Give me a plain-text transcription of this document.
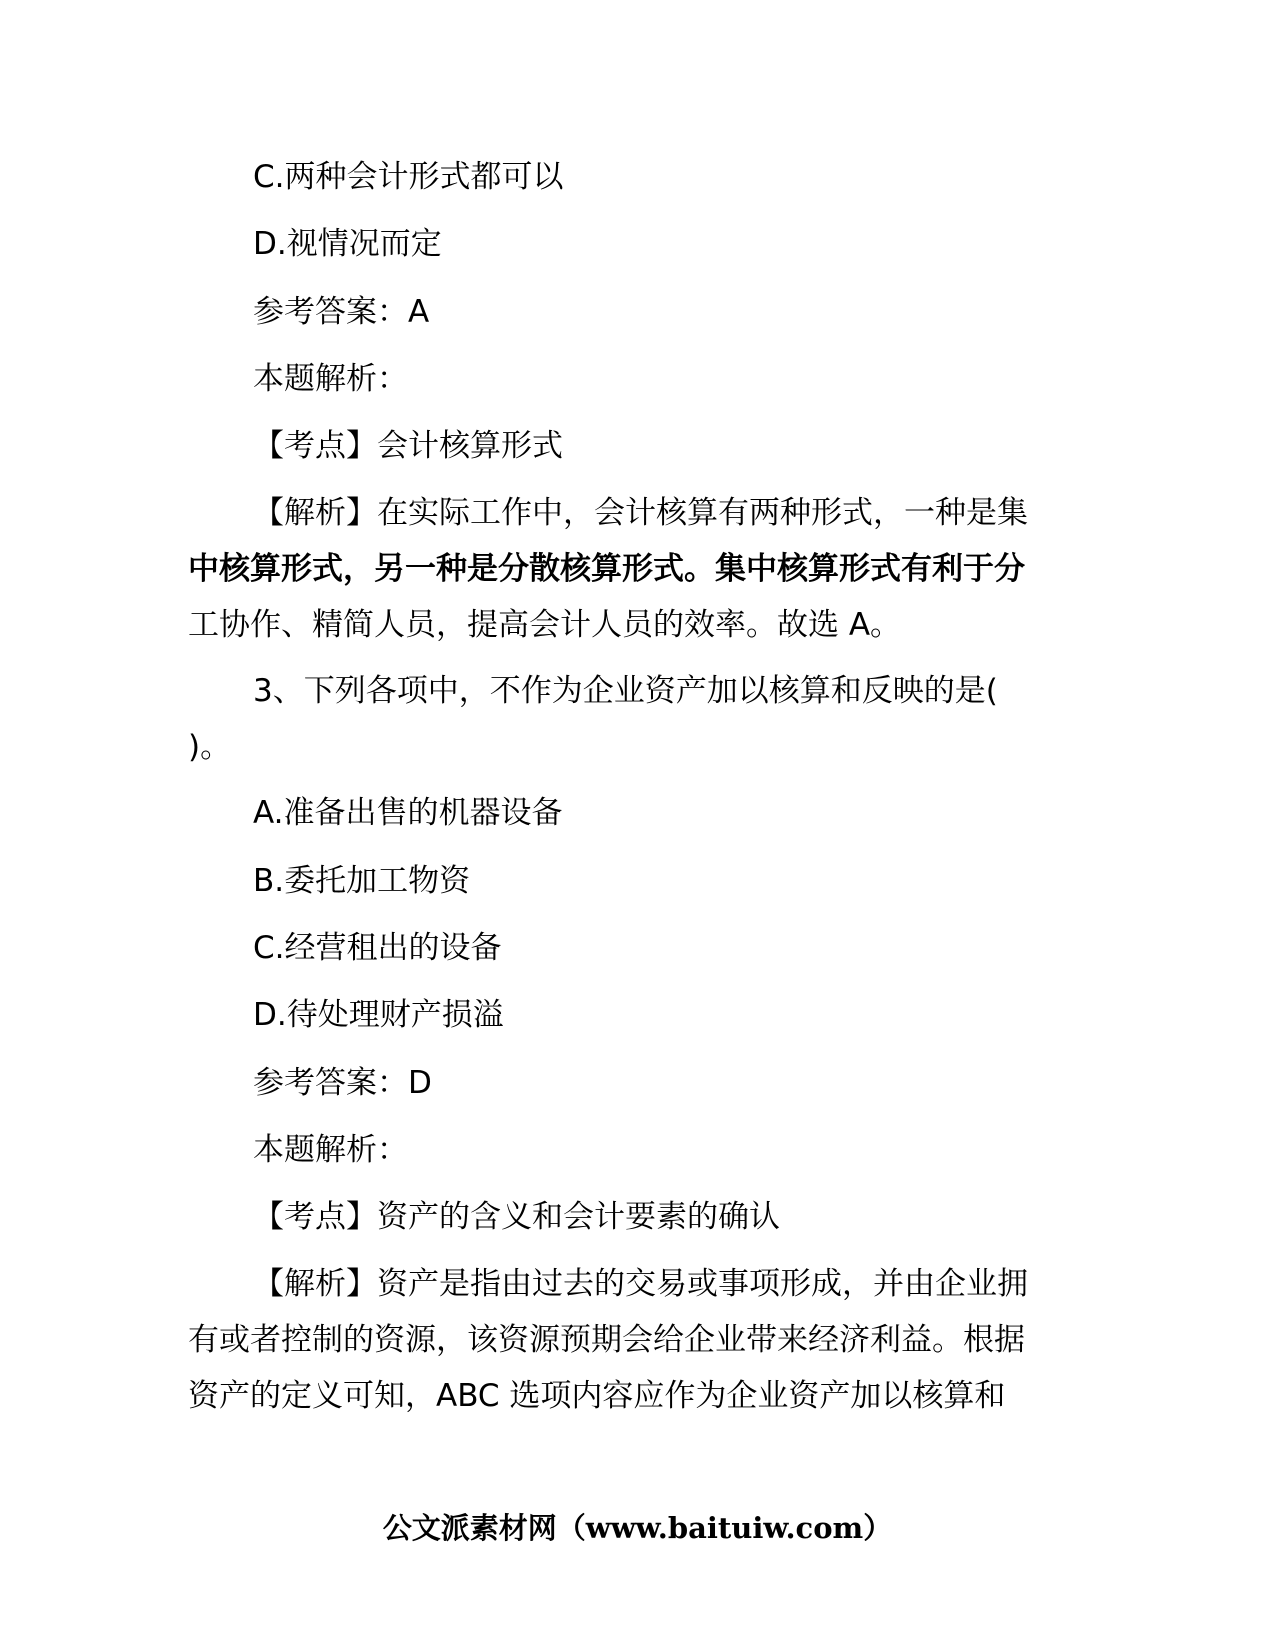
C.两种会计形式都可以

D.视情况而定

参考答案：A

本题解析：

【考点】会计核算形式

【解析】在实际工作中，会计核算有两种形式，一种是集

中核算形式，另一种是分散核算形式。集中核算形式有利于分

工协作、精简人员，提高会计人员的效率。故选 A。

3、下列各项中，不作为企业资产加以核算和反映的是(

)。

A.准备出售的机器设备

B.委托加工物资

C.经营租出的设备

D.待处理财产损溢

参考答案：D

本题解析：

【考点】资产的含义和会计要素的确认

【解析】资产是指由过去的交易或事项形成，并由企业拥

有或者控制的资源，该资源预期会给企业带来经济利益。根据

资产的定义可知，ABC 选项内容应作为企业资产加以核算和

公文派素材网（www.baituiw.com）
